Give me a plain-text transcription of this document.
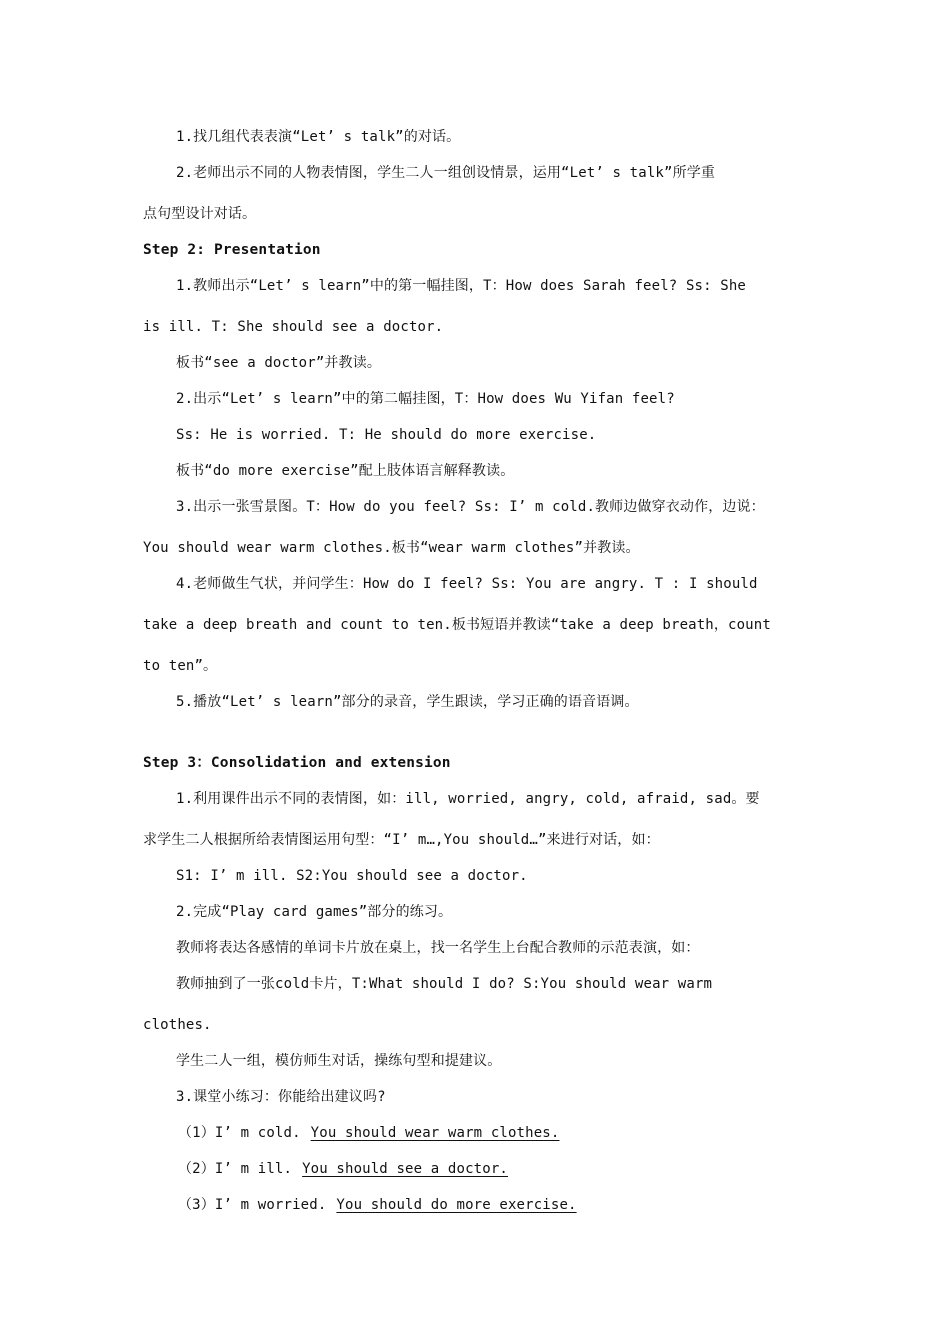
1.找几组代表表演“Let’ s talk”的对话。
2.老师出示不同的人物表情图，学生二人一组创设情景，运用“Let’ s talk”所学重
点句型设计对话。
Step 2: Presentation
1.教师出示“Let’ s learn”中的第一幅挂图，T：How does Sarah feel? Ss: She
is ill. T: She should see a doctor.
板书“see a doctor”并教读。
2.出示“Let’ s learn”中的第二幅挂图，T：How does Wu Yifan feel?
Ss: He is worried. T: He should do more exercise.
板书“do more exercise”配上肢体语言解释教读。
3.出示一张雪景图。T：How do you feel? Ss: I’ m cold.教师边做穿衣动作，边说：
You should wear warm clothes.板书“wear warm clothes”并教读。
4.老师做生气状，并问学生：How do I feel? Ss: You are angry. T : I should
take a deep breath and count to ten.板书短语并教读“take a deep breath，count
to ten”。
5.播放“Let’ s learn”部分的录音，学生跟读，学习正确的语音语调。
Step 3：Consolidation and extension
1.利用课件出示不同的表情图，如：ill, worried, angry, cold, afraid, sad。要
求学生二人根据所给表情图运用句型：“I’ m…,You should…”来进行对话，如：
S1: I’ m ill. S2:You should see a doctor.
2.完成“Play card games”部分的练习。
教师将表达各感情的单词卡片放在桌上，找一名学生上台配合教师的示范表演，如：
教师抽到了一张cold卡片，T:What should I do? S:You should wear warm
clothes.
学生二人一组，模仿师生对话，操练句型和提建议。
3.课堂小练习：你能给出建议吗?
（1）I’ m cold. You should wear warm clothes.
（2）I’ m ill. You should see a doctor.
（3）I’ m worried. You should do more exercise.
